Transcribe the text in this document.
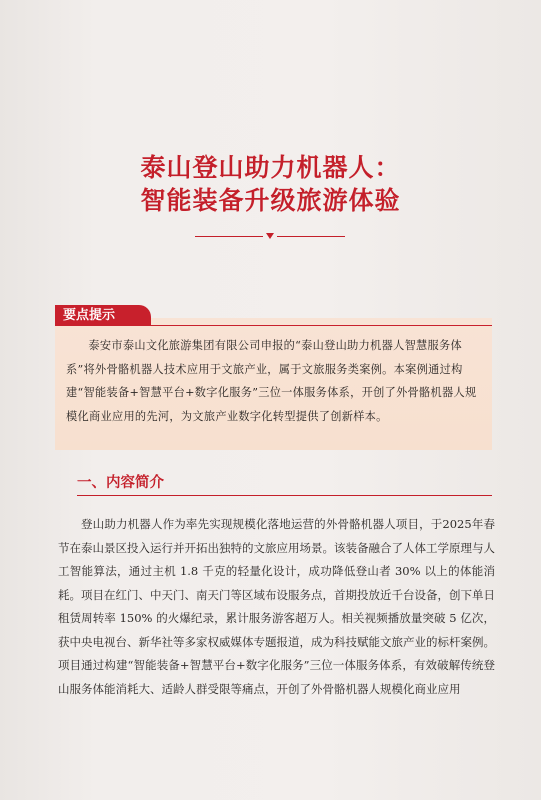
泰山登山助力机器人：
智能装备升级旅游体验
要点提示

泰安市泰山文化旅游集团有限公司申报的“泰山登山助力机器人智慧服务体系”将外骨骼机器人技术应用于文旅产业，属于文旅服务类案例。本案例通过构建“智能装备+智慧平台+数字化服务”三位一体服务体系，开创了外骨骼机器人规模化商业应用的先河，为文旅产业数字化转型提供了创新样本。

一、内容简介

登山助力机器人作为率先实现规模化落地运营的外骨骼机器人项目，于2025年春节在泰山景区投入运行并开拓出独特的文旅应用场景。该装备融合了人体工学原理与人工智能算法，通过主机 1.8 千克的轻量化设计，成功降低登山者 30% 以上的体能消耗。项目在红门、中天门、南天门等区域布设服务点，首期投放近千台设备，创下单日租赁周转率 150% 的火爆纪录，累计服务游客超万人。相关视频播放量突破 5 亿次，获中央电视台、新华社等多家权威媒体专题报道，成为科技赋能文旅产业的标杆案例。项目通过构建“智能装备+智慧平台+数字化服务”三位一体服务体系，有效破解传统登山服务体能消耗大、适龄人群受限等痛点，开创了外骨骼机器人规模化商业应用
